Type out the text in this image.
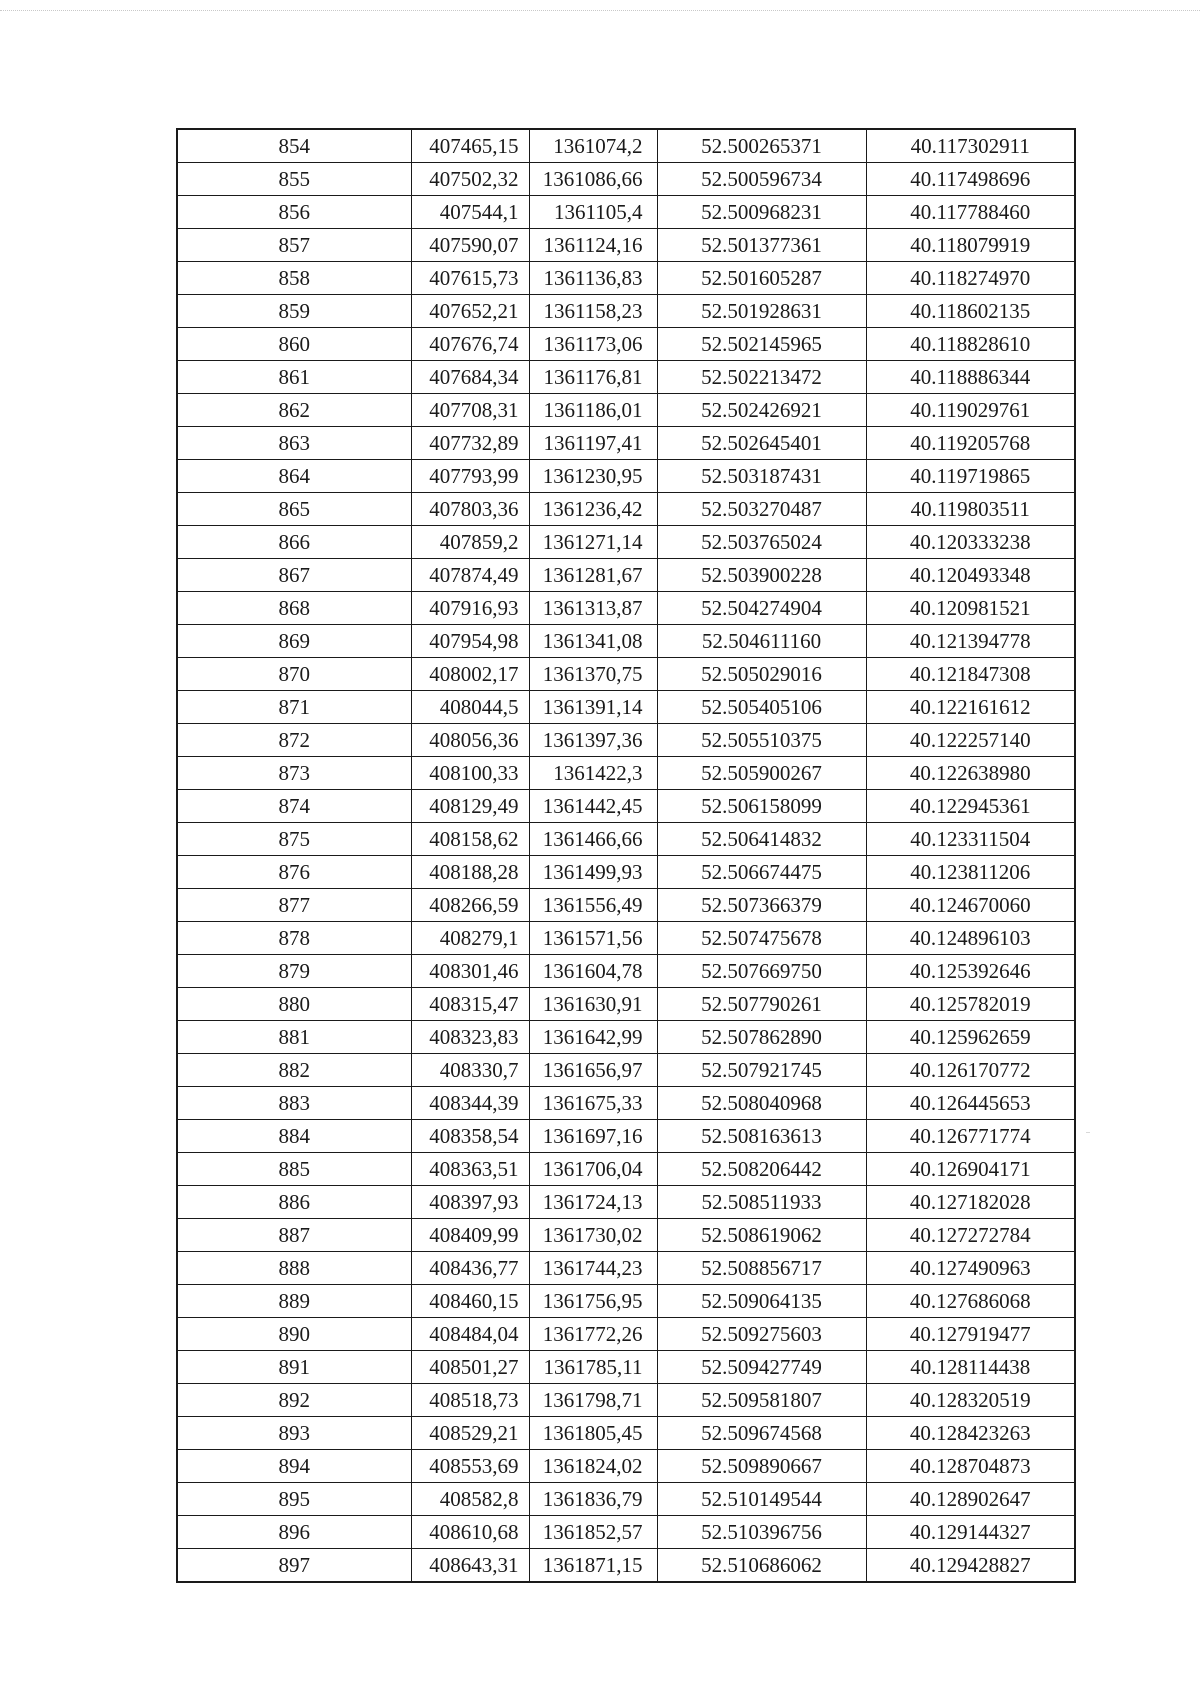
854	407465,15	1361074,2	52.500265371	40.117302911
855	407502,32	1361086,66	52.500596734	40.117498696
856	407544,1	1361105,4	52.500968231	40.117788460
857	407590,07	1361124,16	52.501377361	40.118079919
858	407615,73	1361136,83	52.501605287	40.118274970
859	407652,21	1361158,23	52.501928631	40.118602135
860	407676,74	1361173,06	52.502145965	40.118828610
861	407684,34	1361176,81	52.502213472	40.118886344
862	407708,31	1361186,01	52.502426921	40.119029761
863	407732,89	1361197,41	52.502645401	40.119205768
864	407793,99	1361230,95	52.503187431	40.119719865
865	407803,36	1361236,42	52.503270487	40.119803511
866	407859,2	1361271,14	52.503765024	40.120333238
867	407874,49	1361281,67	52.503900228	40.120493348
868	407916,93	1361313,87	52.504274904	40.120981521
869	407954,98	1361341,08	52.504611160	40.121394778
870	408002,17	1361370,75	52.505029016	40.121847308
871	408044,5	1361391,14	52.505405106	40.122161612
872	408056,36	1361397,36	52.505510375	40.122257140
873	408100,33	1361422,3	52.505900267	40.122638980
874	408129,49	1361442,45	52.506158099	40.122945361
875	408158,62	1361466,66	52.506414832	40.123311504
876	408188,28	1361499,93	52.506674475	40.123811206
877	408266,59	1361556,49	52.507366379	40.124670060
878	408279,1	1361571,56	52.507475678	40.124896103
879	408301,46	1361604,78	52.507669750	40.125392646
880	408315,47	1361630,91	52.507790261	40.125782019
881	408323,83	1361642,99	52.507862890	40.125962659
882	408330,7	1361656,97	52.507921745	40.126170772
883	408344,39	1361675,33	52.508040968	40.126445653
884	408358,54	1361697,16	52.508163613	40.126771774
885	408363,51	1361706,04	52.508206442	40.126904171
886	408397,93	1361724,13	52.508511933	40.127182028
887	408409,99	1361730,02	52.508619062	40.127272784
888	408436,77	1361744,23	52.508856717	40.127490963
889	408460,15	1361756,95	52.509064135	40.127686068
890	408484,04	1361772,26	52.509275603	40.127919477
891	408501,27	1361785,11	52.509427749	40.128114438
892	408518,73	1361798,71	52.509581807	40.128320519
893	408529,21	1361805,45	52.509674568	40.128423263
894	408553,69	1361824,02	52.509890667	40.128704873
895	408582,8	1361836,79	52.510149544	40.128902647
896	408610,68	1361852,57	52.510396756	40.129144327
897	408643,31	1361871,15	52.510686062	40.129428827
